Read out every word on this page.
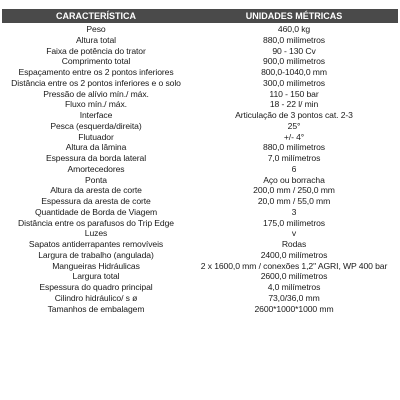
CARACTERÍSTICA	UNIDADES MÉTRICAS
Peso	460,0 kg
Altura total	880,0 milímetros
Faixa de potência do trator	90 - 130 Cv
Comprimento total	900,0 milímetros
Espaçamento entre os 2 pontos inferiores	800,0-1040,0 mm
Distância entre os 2 pontos inferiores e o solo	300,0 milímetros
Pressão de alívio mín./ máx.	110 - 150 bar
Fluxo mín./ máx.	18 - 22 l/ min
Interface	Articulação de 3 pontos cat. 2-3
Pesca (esquerda/direita)	25°
Flutuador	+/- 4°
Altura da lâmina	880,0 milímetros
Espessura da borda lateral	7,0 milímetros
Amortecedores	6
Ponta	Aço ou borracha
Altura da aresta de corte	200,0 mm / 250,0 mm
Espessura da aresta de corte	20,0 mm / 55,0 mm
Quantidade de Borda de Viagem	3
Distância entre os parafusos do Trip Edge	175,0 milímetros
Luzes	v
Sapatos antiderrapantes removíveis	Rodas
Largura de trabalho (angulada)	2400,0 milímetros
Mangueiras Hidráulicas	2 x 1600,0 mm / conexões 1,2" AGRI, WP 400 bar
Largura total	2600,0 milímetros
Espessura do quadro principal	4,0 milímetros
Cilindro hidráulico/ s ø	73,0/36,0 mm
Tamanhos de embalagem	2600*1000*1000 mm
